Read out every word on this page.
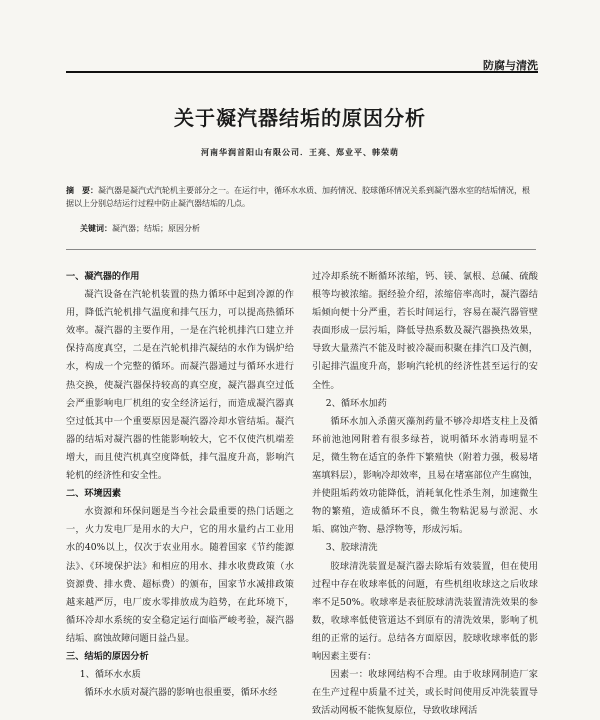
防腐与清洗
关于凝汽器结垢的原因分析
河南华润首阳山有限公司．王亮、郑业平、韩荣萌
摘　要：凝汽器是凝汽式汽轮机主要部分之一。在运行中，循环水水质、加药情况、胶球循环情况关系到凝汽器水室的结垢情况，根据以上分别总结运行过程中防止凝汽器结垢的几点。
关键词：凝汽器；结垢；原因分析
一、凝汽器的作用

凝汽设备在汽轮机装置的热力循环中起到冷源的作用，降低汽轮机排气温度和排气压力，可以提高热循环效率。凝汽器的主要作用，一是在汽轮机排汽口建立并保持高度真空，二是在汽轮机排汽凝结的水作为锅炉给水，构成一个完整的循环。而凝汽器通过与循环水进行热交换，使凝汽器保持较高的真空度，凝汽器真空过低会严重影响电厂机组的安全经济运行，而造成凝汽器真空过低其中一个重要原因是凝汽器冷却水管结垢。凝汽器的结垢对凝汽器的性能影响较大，它不仅使汽机端差增大，而且使汽机真空度降低，排气温度升高，影响汽轮机的经济性和安全性。

二、环境因素

水资源和环保问题是当今社会最重要的热门话题之一，火力发电厂是用水的大户，它的用水量约占工业用水的40%以上，仅次于农业用水。随着国家《节约能源法》、《环境保护法》和相应的用水、排水收费政策（水资源费、排水费、超标费）的颁布，国家节水减排政策越来越严厉，电厂废水零排放成为趋势，在此环境下，循环冷却水系统的安全稳定运行面临严峻考验，凝汽器结垢、腐蚀故障问题日益凸显。

三、结垢的原因分析
1、循环水水质

循环水水质对凝汽器的影响也很重要，循环水经

过冷却系统不断循环浓缩，钙、镁、氯根、总碱、硫酸根等均被浓缩。据经验介绍，浓缩倍率高时，凝汽器结垢倾向便十分严重，若长时间运行，容易在凝汽器管壁表面形成一层污垢，降低导热系数及凝汽器换热效果，导致大量蒸汽不能及时被冷凝而积聚在排汽口及汽侧，引起排汽温度升高，影响汽轮机的经济性甚至运行的安全性。

2、循环水加药

循环水加入杀菌灭藻剂药量不够冷却塔支柱上及循环前池池网附着有很多绿苔，说明循环水消毒明显不足，微生物在适宜的条件下繁殖快（附着力强，极易堵塞填料层），影响冷却效率，且易在堵塞部位产生腐蚀，并使阻垢药效功能降低，消耗氧化性杀生剂，加速微生物的繁殖，造成循环不良，微生物粘泥易与淤泥、水垢、腐蚀产物、悬浮物等，形成污垢。

3、胶球清洗

胶球清洗装置是凝汽器去除垢有效装置，但在使用过程中存在收球率低的问题，有些机组收球这之后收球率不足50%。收球率是表征胶球清洗装置清洗效果的参数，收球率低使管道达不到原有的清洗效果，影响了机组的正常的运行。总结各方面原因，胶球收球率低的影响因素主要有：

因素一：收球网结构不合理。由于收球网制造厂家在生产过程中质量不过关，或长时间使用反冲洗装置导致活动网板不能恢复原位，导致收球网活
